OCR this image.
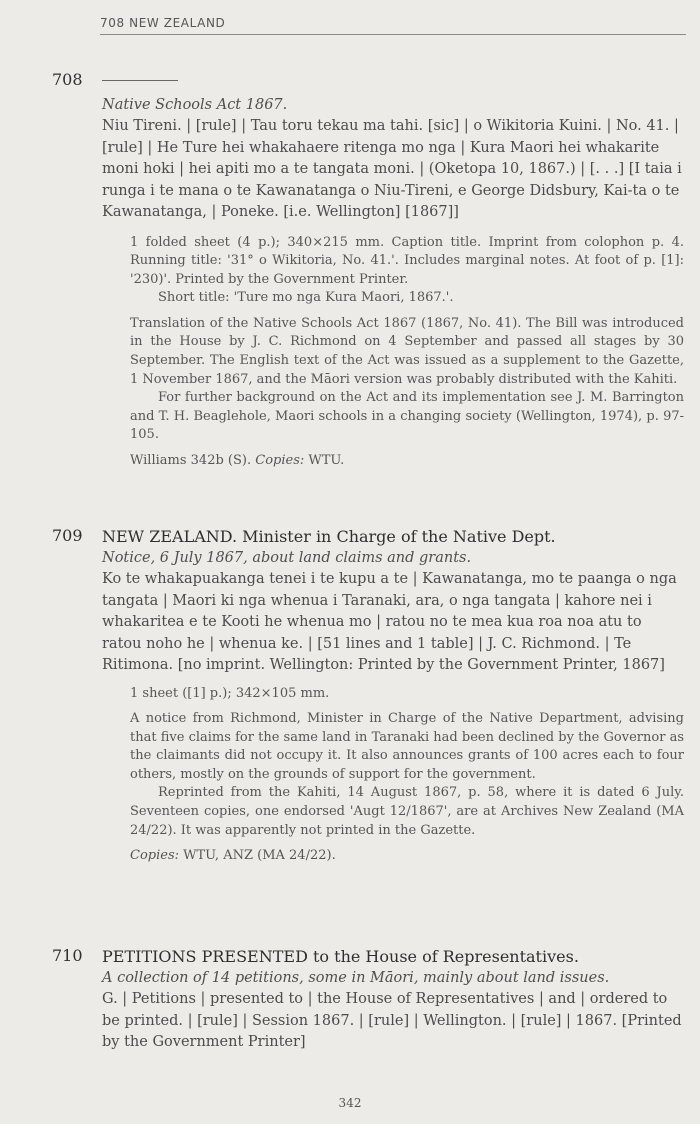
708 NEW ZEALAND
708

Native Schools Act 1867.

Niu Tireni. | [rule] | Tau toru tekau ma tahi. [sic] | o Wikitoria Kuini. | No. 41. | [rule] | He Ture hei whakahaere ritenga mo nga | Kura Maori hei whakarite moni hoki | hei apiti mo a te tangata moni. | (Oketopa 10, 1867.) | [. . .] [I taia i runga i te mana o te Kawanatanga o Niu-Tireni, e George Didsbury, Kai-ta o te Kawanatanga, | Poneke. [i.e. Wellington] [1867]]

1 folded sheet (4 p.); 340×215 mm. Caption title. Imprint from colophon p. 4. Running title: '31° o Wikitoria, No. 41.'. Includes marginal notes. At foot of p. [1]: '230)'. Printed by the Government Printer.

Short title: 'Ture mo nga Kura Maori, 1867.'.

Translation of the Native Schools Act 1867 (1867, No. 41). The Bill was introduced in the House by J. C. Richmond on 4 September and passed all stages by 30 September. The English text of the Act was issued as a supplement to the Gazette, 1 November 1867, and the Māori version was probably distributed with the Kahiti.

For further background on the Act and its implementation see J. M. Barrington and T. H. Beaglehole, Maori schools in a changing society (Wellington, 1974), p. 97-105.

Williams 342b (S). Copies: WTU.

709 NEW ZEALAND. Minister in Charge of the Native Dept.

Notice, 6 July 1867, about land claims and grants.

Ko te whakapuakanga tenei i te kupu a te | Kawanatanga, mo te paanga o nga tangata | Maori ki nga whenua i Taranaki, ara, o nga tangata | kahore nei i whakaritea e te Kooti he whenua mo | ratou no te mea kua roa noa atu to ratou noho he | whenua ke. | [51 lines and 1 table] | J. C. Richmond. | Te Ritimona. [no imprint. Wellington: Printed by the Government Printer, 1867]

1 sheet ([1] p.); 342×105 mm.

A notice from Richmond, Minister in Charge of the Native Department, advising that five claims for the same land in Taranaki had been declined by the Governor as the claimants did not occupy it. It also announces grants of 100 acres each to four others, mostly on the grounds of support for the government.

Reprinted from the Kahiti, 14 August 1867, p. 58, where it is dated 6 July. Seventeen copies, one endorsed 'Augt 12/1867', are at Archives New Zealand (MA 24/22). It was apparently not printed in the Gazette.

Copies: WTU, ANZ (MA 24/22).

710 PETITIONS PRESENTED to the House of Representatives.

A collection of 14 petitions, some in Māori, mainly about land issues.

G. | Petitions | presented to | the House of Representatives | and | ordered to be printed. | [rule] | Session 1867. | [rule] | Wellington. | [rule] | 1867. [Printed by the Government Printer]

342
